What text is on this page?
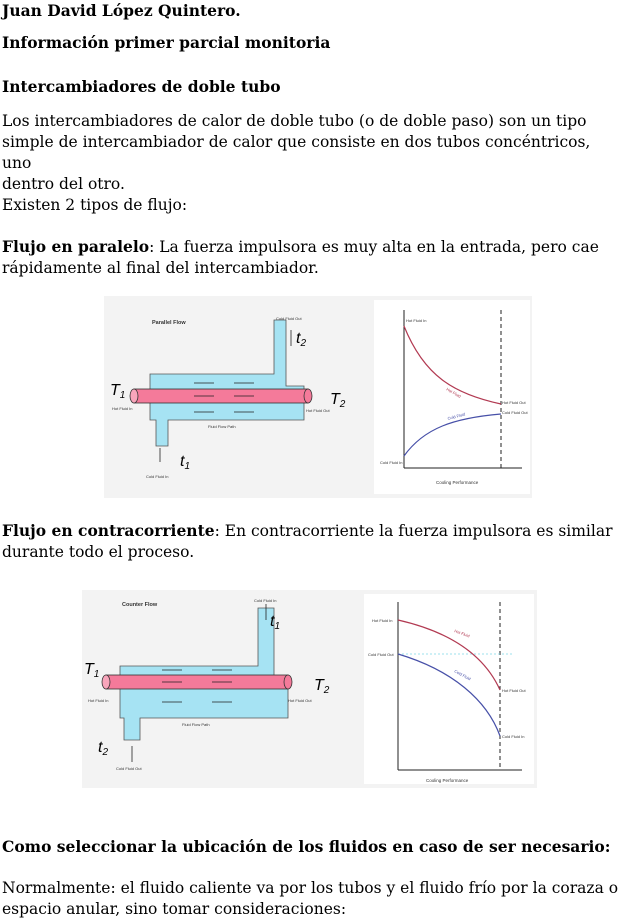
Juan David López Quintero.
Información primer parcial monitoria
Intercambiadores de doble tubo
Los intercambiadores de calor de doble tubo (o de doble paso) son un tipo
simple de intercambiador de calor que consiste en dos tubos concéntricos, uno
dentro del otro.
Existen 2 tipos de flujo:
Flujo en paralelo: La fuerza impulsora es muy alta en la entrada, pero cae
rápidamente al final del intercambiador.
Parallel Flow
Cold Fluid Out
t2
T1	T2
t1
Hot Fluid In	Hot Fluid Out
Fluid Flow Path
Cold Fluid In
Hot Fluid In
Hot Fluid
Cold Fluid
Hot Fluid Out
Cold Fluid Out
Cold Fluid In
Cooling Performance
Flujo en contracorriente: En contracorriente la fuerza impulsora es similar
durante todo el proceso.
Counter Flow
Cold Fluid In
t1
T1
T2
t2
Hot Fluid In	Hot Fluid Out
Fluid Flow Path
Cold Fluid Out
Hot Fluid In
Cold Fluid Out
Hot Fluid
Cold Fluid
Hot Fluid Out
Cold Fluid In
Cooling Performance
Como seleccionar la ubicación de los fluidos en caso de ser necesario:
Normalmente: el fluido caliente va por los tubos y el fluido frío por la coraza o
espacio anular, sino tomar consideraciones:
